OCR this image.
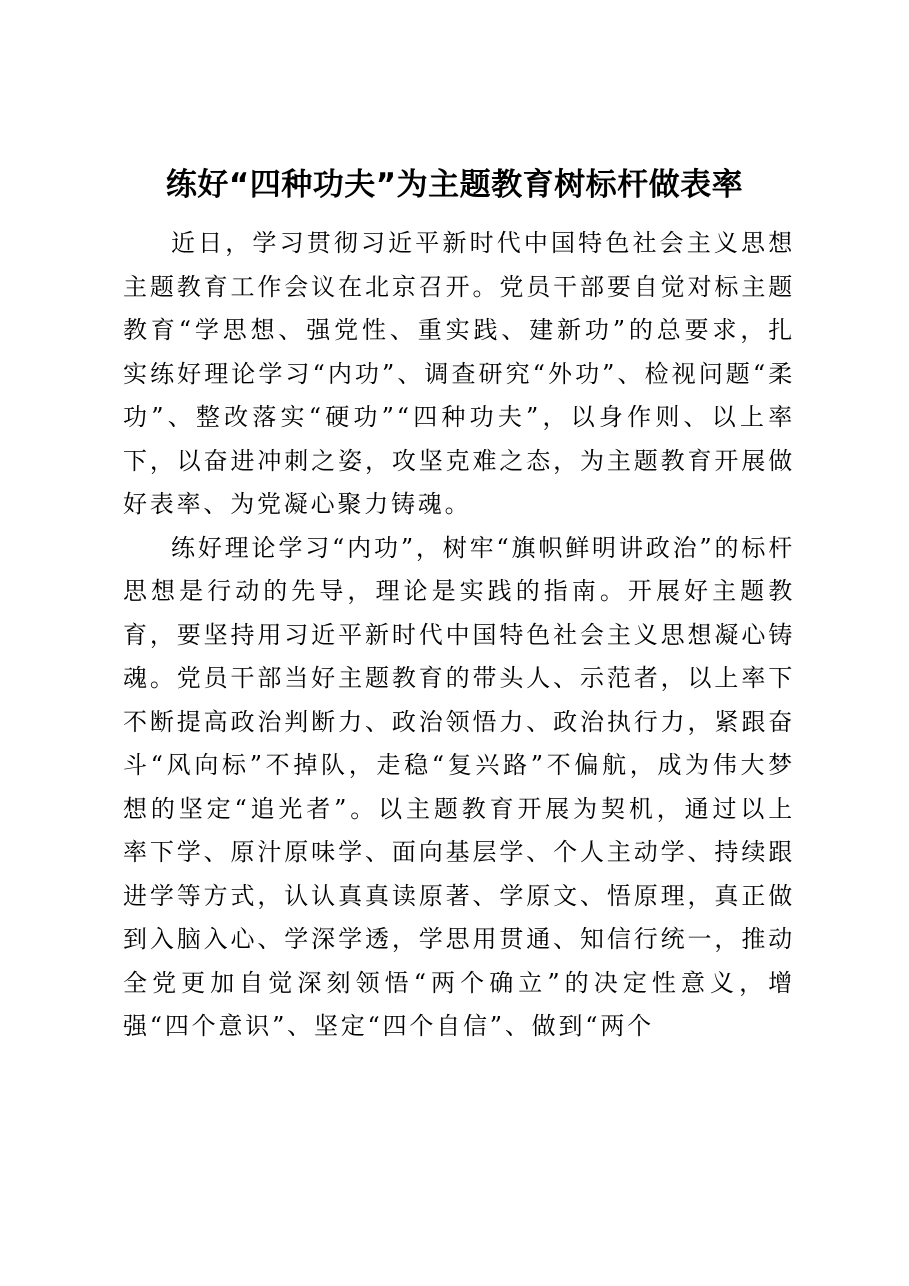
练好“四种功夫”为主题教育树标杆做表率

近日，学习贯彻习近平新时代中国特色社会主义思想主题教育工作会议在北京召开。党员干部要自觉对标主题教育“学思想、强党性、重实践、建新功”的总要求，扎实练好理论学习“内功”、调查研究“外功”、检视问题“柔功”、整改落实“硬功”“四种功夫”，以身作则、以上率下，以奋进冲刺之姿，攻坚克难之态，为主题教育开展做好表率、为党凝心聚力铸魂。

练好理论学习“内功”，树牢“旗帜鲜明讲政治”的标杆思想是行动的先导，理论是实践的指南。开展好主题教育，要坚持用习近平新时代中国特色社会主义思想凝心铸魂。党员干部当好主题教育的带头人、示范者，以上率下不断提高政治判断力、政治领悟力、政治执行力，紧跟奋斗“风向标”不掉队，走稳“复兴路”不偏航，成为伟大梦想的坚定“追光者”。以主题教育开展为契机，通过以上率下学、原汁原味学、面向基层学、个人主动学、持续跟进学等方式，认认真真读原著、学原文、悟原理，真正做到入脑入心、学深学透，学思用贯通、知信行统一，推动全党更加自觉深刻领悟“两个确立”的决定性意义，增强“四个意识”、坚定“四个自信”、做到“两个
